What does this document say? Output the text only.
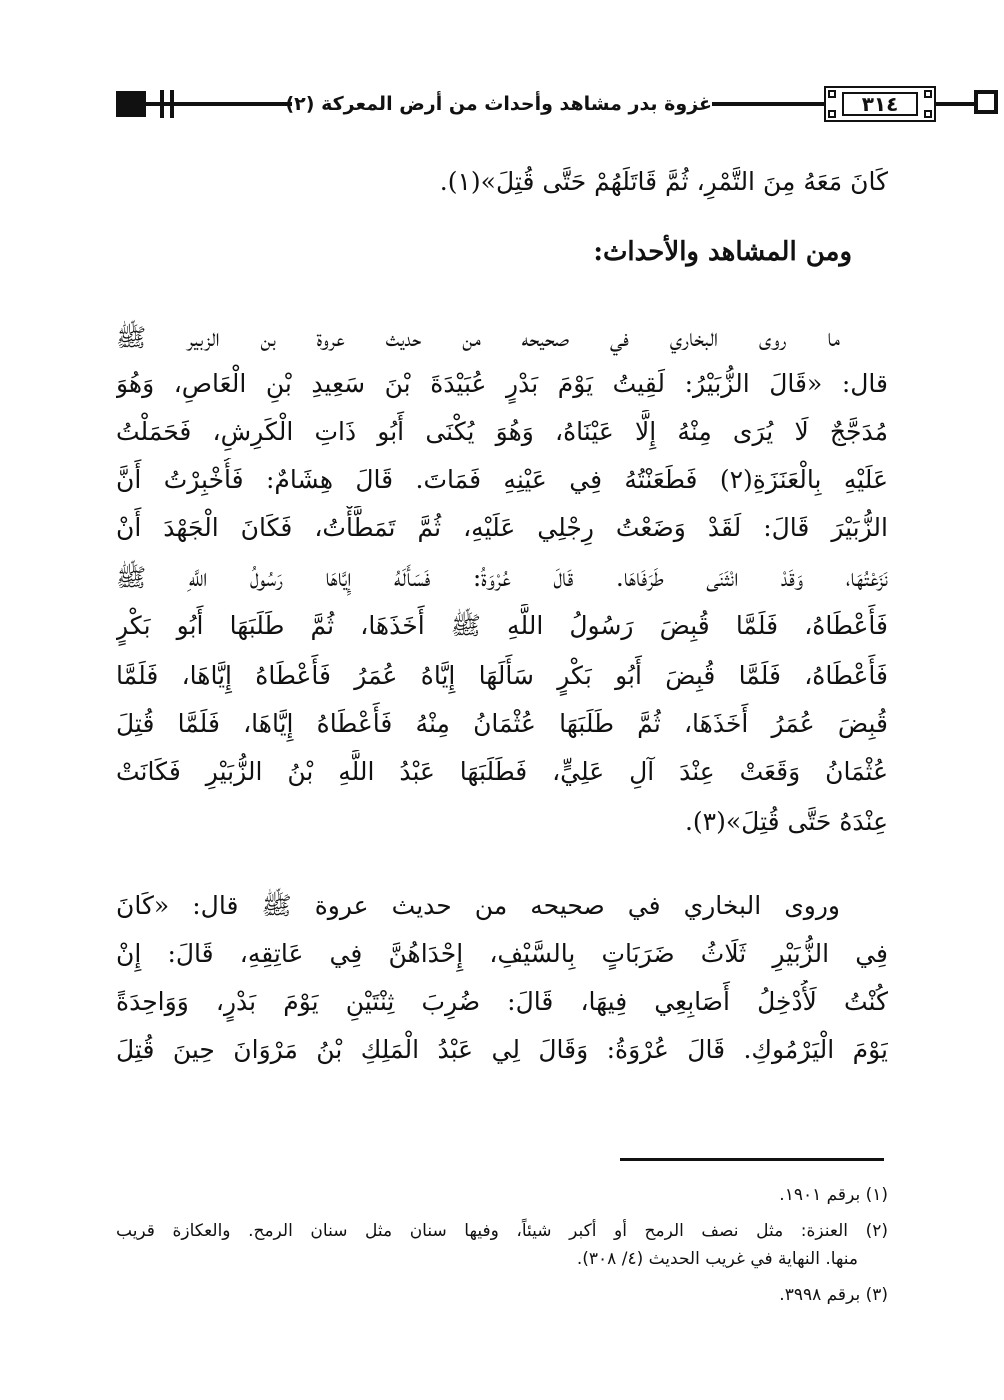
غزوة بدر مشاهد وأحداث من أرض المعركة (٢)	٣١٤
كَانَ مَعَهُ مِنَ التَّمْرِ، ثُمَّ قَاتَلَهُمْ حَتَّى قُتِلَ»(١).
ومن المشاهد والأحداث:
ما روى البخاري في صحيحه من حديث عروة بن الزبير ﷺ
قال: «قَالَ الزُّبَيْرُ: لَقِيتُ يَوْمَ بَدْرٍ عُبَيْدَةَ بْنَ سَعِيدِ بْنِ الْعَاصِ، وَهُوَ
مُدَجَّجٌ لَا يُرَى مِنْهُ إِلَّا عَيْنَاهُ، وَهُوَ يُكْنَى أَبُو ذَاتِ الْكَرِشِ، فَحَمَلْتُ
عَلَيْهِ بِالْعَنَزَةِ(٢) فَطَعَنْتُهُ فِي عَيْنِهِ فَمَاتَ. قَالَ هِشَامٌ: فَأُخْبِرْتُ أَنَّ
الزُّبَيْرَ قَالَ: لَقَدْ وَضَعْتُ رِجْلِي عَلَيْهِ، ثُمَّ تَمَطَّأْتُ، فَكَانَ الْجَهْدَ أَنْ
نَزَعْتُهَا، وَقَدْ انْثَنَى طَرَفَاهَا. قَالَ عُرْوَةُ: فَسَأَلَهُ إِيَّاهَا رَسُولُ اللَّهِ ﷺ
فَأَعْطَاهُ، فَلَمَّا قُبِضَ رَسُولُ اللَّهِ ﷺ أَخَذَهَا، ثُمَّ طَلَبَهَا أَبُو بَكْرٍ
فَأَعْطَاهُ، فَلَمَّا قُبِضَ أَبُو بَكْرٍ سَأَلَهَا إِيَّاهُ عُمَرُ فَأَعْطَاهُ إِيَّاهَا، فَلَمَّا
قُبِضَ عُمَرُ أَخَذَهَا، ثُمَّ طَلَبَهَا عُثْمَانُ مِنْهُ فَأَعْطَاهُ إِيَّاهَا، فَلَمَّا قُتِلَ
عُثْمَانُ وَقَعَتْ عِنْدَ آلِ عَلِيٍّ، فَطَلَبَهَا عَبْدُ اللَّهِ بْنُ الزُّبَيْرِ فَكَانَتْ
عِنْدَهُ حَتَّى قُتِلَ»(٣).
وروى البخاري في صحيحه من حديث عروة ﷺ قال: «كَانَ
فِي الزُّبَيْرِ ثَلَاثُ ضَرَبَاتٍ بِالسَّيْفِ، إِحْدَاهُنَّ فِي عَاتِقِهِ، قَالَ: إِنْ
كُنْتُ لَأُدْخِلُ أَصَابِعِي فِيهَا، قَالَ: ضُرِبَ ثِنْتَيْنِ يَوْمَ بَدْرٍ، وَوَاحِدَةً
يَوْمَ الْيَرْمُوكِ. قَالَ عُرْوَةُ: وَقَالَ لِي عَبْدُ الْمَلِكِ بْنُ مَرْوَانَ حِينَ قُتِلَ
(١) برقم ١٩٠١.
(٢) العنزة: مثل نصف الرمح أو أكبر شيئاً، وفيها سنان مثل سنان الرمح. والعكازة قريب
منها. النهاية في غريب الحديث (٤/ ٣٠٨).
(٣) برقم ٣٩٩٨.
